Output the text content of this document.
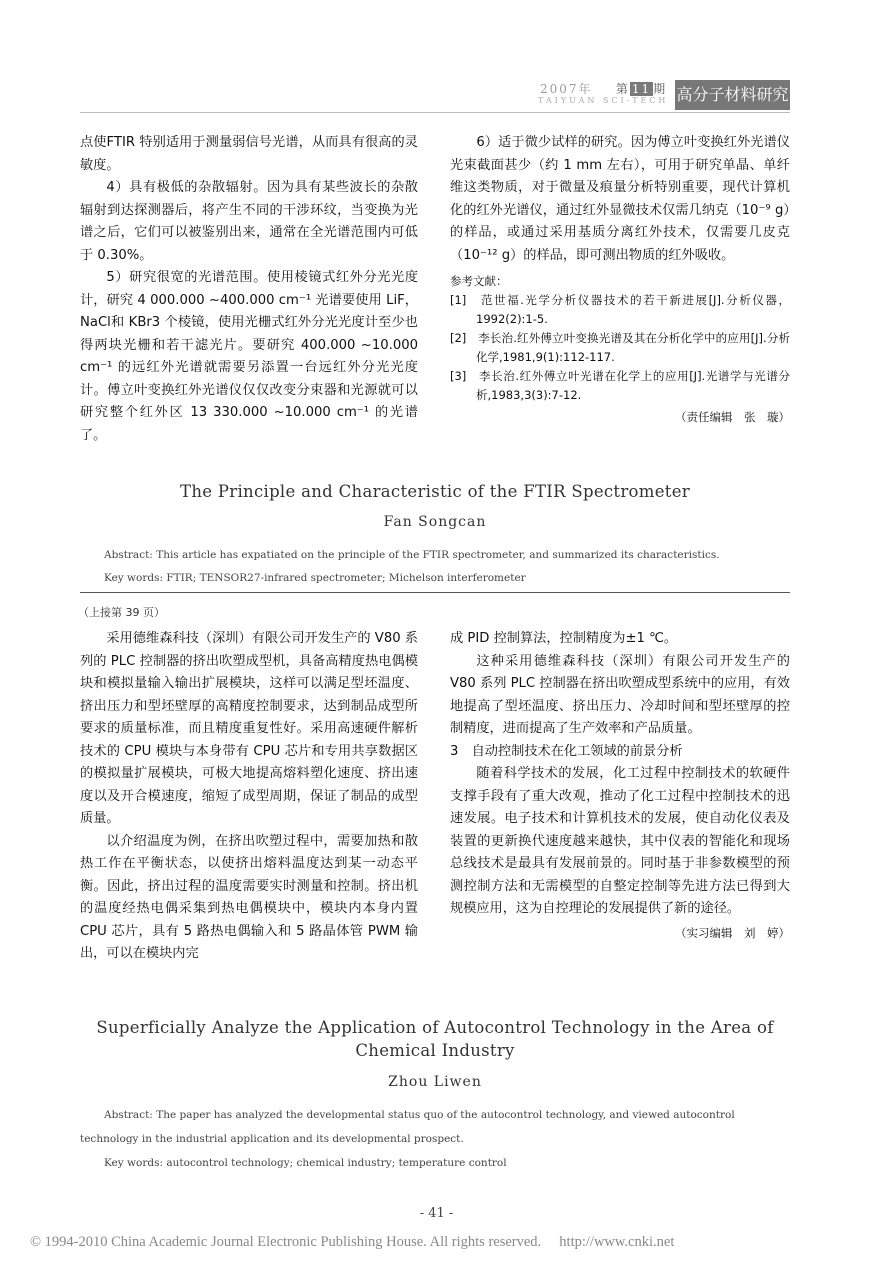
2007年 第 11 期
TAIYUAN SCI-TECH 高分子材料研究

点使FTIR 特别适用于测量弱信号光谱，从而具有很高的灵敏度。

4）具有极低的杂散辐射。因为具有某些波长的杂散辐射到达探测器后，将产生不同的干涉环纹，当变换为光谱之后，它们可以被鉴别出来，通常在全光谱范围内可低于 0.30%。

5）研究很宽的光谱范围。使用棱镜式红外分光光度计，研究 4 000.000 ~400.000 cm⁻¹ 光谱要使用 LiF，NaCl和 KBr3 个棱镜，使用光栅式红外分光光度计至少也得两块光栅和若干滤光片。要研究 400.000 ~10.000 cm⁻¹ 的远红外光谱就需要另添置一台远红外分光光度计。傅立叶变换红外光谱仪仅仅改变分束器和光源就可以研究整个红外区 13 330.000 ~10.000 cm⁻¹ 的光谱了。

6）适于微少试样的研究。因为傅立叶变换红外光谱仪光束截面甚少（约 1 mm 左右），可用于研究单晶、单纤维这类物质，对于微量及痕量分析特别重要，现代计算机化的红外光谱仪，通过红外显微技术仅需几纳克（10⁻⁹ g）的样品，或通过采用基质分离红外技术，仅需要几皮克（10⁻¹² g）的样品，即可测出物质的红外吸收。

参考文献：

[1]　范世福.光学分析仪器技术的若干新进展[J].分析仪器，1992(2):1-5.

[2]　李长治.红外傅立叶变换光谱及其在分析化学中的应用[J].分析化学,1981,9(1):112-117.

[3]　李长治.红外傅立叶光谱在化学上的应用[J].光谱学与光谱分析,1983,3(3):7-12.

（责任编辑　张　璇）

The Principle and Characteristic of the FTIR Spectrometer
Fan Songcan
Abstract: This article has expatiated on the principle of the FTIR spectrometer, and summarized its characteristics.
Key words: FTIR; TENSOR27-infrared spectrometer; Michelson interferometer
（上接第 39 页）

采用德维森科技（深圳）有限公司开发生产的 V80 系列的 PLC 控制器的挤出吹塑成型机，具备高精度热电偶模块和模拟量输入输出扩展模块，这样可以满足型坯温度、挤出压力和型坯壁厚的高精度控制要求，达到制品成型所要求的质量标准，而且精度重复性好。采用高速硬件解析技术的 CPU 模块与本身带有 CPU 芯片和专用共享数据区的模拟量扩展模块，可极大地提高熔料塑化速度、挤出速度以及开合模速度，缩短了成型周期，保证了制品的成型质量。

以介绍温度为例，在挤出吹塑过程中，需要加热和散热工作在平衡状态，以使挤出熔料温度达到某一动态平衡。因此，挤出过程的温度需要实时测量和控制。挤出机的温度经热电偶采集到热电偶模块中，模块内本身内置 CPU 芯片，具有 5 路热电偶输入和 5 路晶体管 PWM 输出，可以在模块内完

成 PID 控制算法，控制精度为±1 ℃。

这种采用德维森科技（深圳）有限公司开发生产的 V80 系列 PLC 控制器在挤出吹塑成型系统中的应用，有效地提高了型坯温度、挤出压力、冷却时间和型坯壁厚的控制精度，进而提高了生产效率和产品质量。

3　自动控制技术在化工领域的前景分析

随着科学技术的发展，化工过程中控制技术的软硬件支撑手段有了重大改观，推动了化工过程中控制技术的迅速发展。电子技术和计算机技术的发展，使自动化仪表及装置的更新换代速度越来越快，其中仪表的智能化和现场总线技术是最具有发展前景的。同时基于非参数模型的预测控制方法和无需模型的自整定控制等先进方法已得到大规模应用，这为自控理论的发展提供了新的途径。

（实习编辑　刘　婷）

Superficially Analyze the Application of Autocontrol Technology in the Area of
Chemical Industry
Zhou Liwen
Abstract: The paper has analyzed the developmental status quo of the autocontrol technology, and viewed autocontrol technology in the industrial application and its developmental prospect.
Key words: autocontrol technology; chemical industry; temperature control
- 41 -
© 1994-2010 China Academic Journal Electronic Publishing House. All rights reserved.　 http://www.cnki.net
